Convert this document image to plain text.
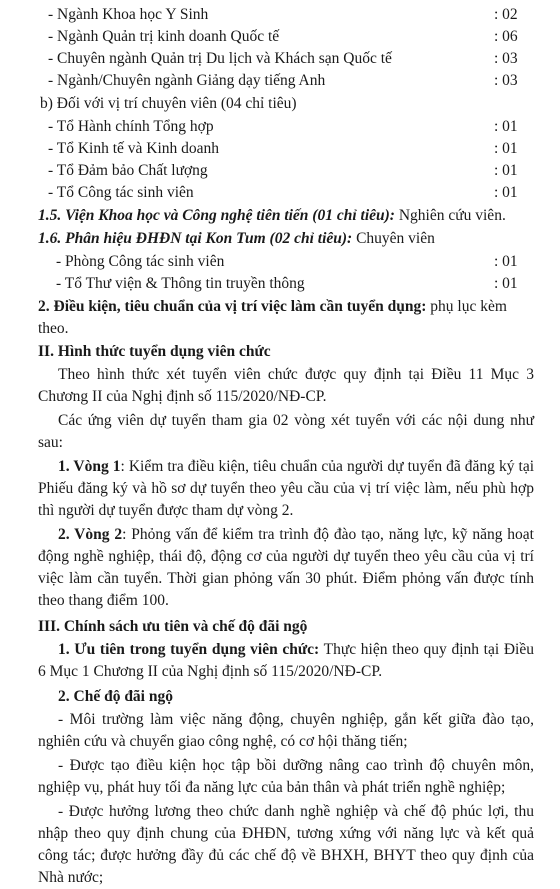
- Ngành Khoa học Y Sinh	: 02
- Ngành Quản trị kinh doanh Quốc tế	: 06
- Chuyên ngành Quản trị Du lịch và Khách sạn Quốc tế	: 03
- Ngành/Chuyên ngành Giảng dạy tiếng Anh	: 03
b) Đối với vị trí chuyên viên (04 chỉ tiêu)
- Tổ Hành chính Tổng hợp	: 01
- Tổ Kinh tế và Kinh doanh	: 01
- Tổ Đảm bảo Chất lượng	: 01
- Tổ Công tác sinh viên	: 01
1.5. Viện Khoa học và Công nghệ tiên tiến (01 chỉ tiêu): Nghiên cứu viên.
1.6. Phân hiệu ĐHĐN tại Kon Tum (02 chỉ tiêu): Chuyên viên
- Phòng Công tác sinh viên	: 01
- Tổ Thư viện & Thông tin truyền thông	: 01
2. Điều kiện, tiêu chuẩn của vị trí việc làm cần tuyển dụng: phụ lục kèm theo.
II. Hình thức tuyển dụng viên chức

Theo hình thức xét tuyển viên chức được quy định tại Điều 11 Mục 3 Chương II của Nghị định số 115/2020/NĐ-CP.

Các ứng viên dự tuyển tham gia 02 vòng xét tuyển với các nội dung như sau:

1. Vòng 1: Kiểm tra điều kiện, tiêu chuẩn của người dự tuyển đã đăng ký tại Phiếu đăng ký và hồ sơ dự tuyển theo yêu cầu của vị trí việc làm, nếu phù hợp thì người dự tuyển được tham dự vòng 2.

2. Vòng 2: Phỏng vấn để kiểm tra trình độ đào tạo, năng lực, kỹ năng hoạt động nghề nghiệp, thái độ, động cơ của người dự tuyển theo yêu cầu của vị trí việc làm cần tuyển. Thời gian phỏng vấn 30 phút. Điểm phỏng vấn được tính theo thang điểm 100.

III. Chính sách ưu tiên và chế độ đãi ngộ

1. Ưu tiên trong tuyển dụng viên chức: Thực hiện theo quy định tại Điều 6 Mục 1 Chương II của Nghị định số 115/2020/NĐ-CP.

2. Chế độ đãi ngộ

- Môi trường làm việc năng động, chuyên nghiệp, gắn kết giữa đào tạo, nghiên cứu và chuyển giao công nghệ, có cơ hội thăng tiến;

- Được tạo điều kiện học tập bồi dưỡng nâng cao trình độ chuyên môn, nghiệp vụ, phát huy tối đa năng lực của bản thân và phát triển nghề nghiệp;

- Được hưởng lương theo chức danh nghề nghiệp và chế độ phúc lợi, thu nhập theo quy định chung của ĐHĐN, tương xứng với năng lực và kết quả công tác; được hưởng đầy đủ các chế độ về BHXH, BHYT theo quy định của Nhà nước;
